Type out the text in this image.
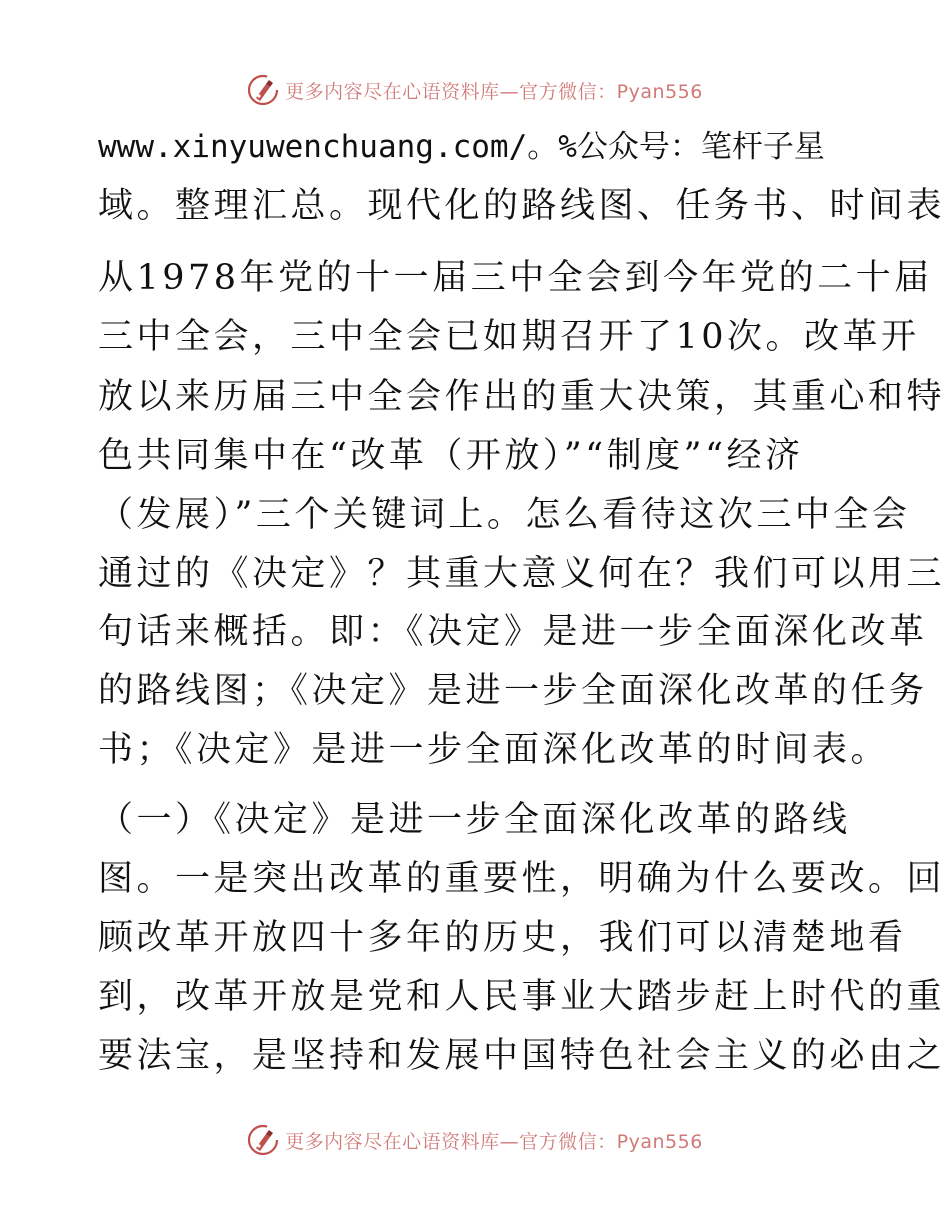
更多内容尽在心语资料库—官方微信：Pyan556
www.xinyuwenchuang.com/。%公众号：笔杆子星
域。整理汇总。现代化的路线图、任务书、时间表
从1978年党的十一届三中全会到今年党的二十届
三中全会，三中全会已如期召开了10次。改革开
放以来历届三中全会作出的重大决策，其重心和特
色共同集中在“改革（开放）”“制度”“经济
（发展）”三个关键词上。怎么看待这次三中全会
通过的《决定》？其重大意义何在？我们可以用三
句话来概括。即：《决定》是进一步全面深化改革
的路线图；《决定》是进一步全面深化改革的任务
书；《决定》是进一步全面深化改革的时间表。
（一）《决定》是进一步全面深化改革的路线
图。一是突出改革的重要性，明确为什么要改。回
顾改革开放四十多年的历史，我们可以清楚地看
到，改革开放是党和人民事业大踏步赶上时代的重
要法宝，是坚持和发展中国特色社会主义的必由之
更多内容尽在心语资料库—官方微信：Pyan556
